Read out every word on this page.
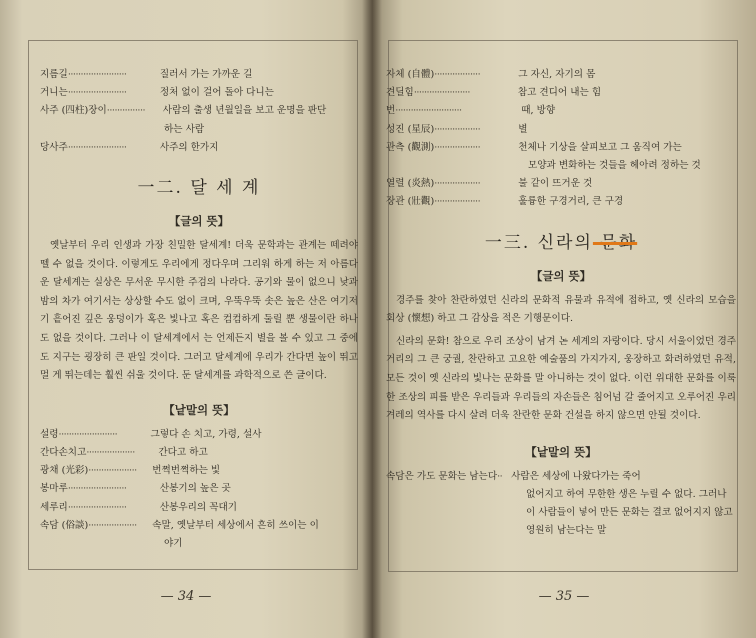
지름길 ·······················	질러서 가는 가까운 길
거니는 ·······················	정처 없이 걸어 돌아 다니는
사주 (四柱)장이 ···············	사람의 출생 년월일을 보고 운명을 판단
하는 사람
당사주 ·······················	사주의 한가지
一二. 달 세 계
【글의 뜻】

옛날부터 우리 인생과 가장 친밀한 달세계! 더욱 문학과는 관계는 떼려야 뗄 수 없을 것이다. 이렇게도 우리에게 정다우며 그리워 하게 하는 저 아름다운 달세계는 실상은 무서운 무시한 주검의 나라다. 공기와 물이 없으니 낮과 밤의 차가 여기서는 상상할 수도 없이 크며, 우뚝우뚝 솟은 높은 산은 여기저기 흩어진 깊은 웅덩이가 혹은 빛나고 혹은 컴컴하게 둘릴 뿐 생물이란 하나도 없을 것이다. 그러나 이 달세계에서 는 언제든지 별을 볼 수 있고 그 중에도 지구는 굉장히 큰 판일 것이다. 그러고 달세계에 우리가 간다면 높이 뛰고 멀 게 뛰는데는 훨씬 쉬울 것이다. 둔 달세계를 과학적으로 쓴 글이다.

【낱말의 뜻】
설령 ·······················	그렇다 손 치고, 가령, 설사
간다손치고 ···················	간다고 하고
광채 (光彩) ···················	번쩍번쩍하는 빛
봉마루 ·······················	산봉기의 높은 곳
세루리 ·······················	산봉우리의 꼭대기
속담 (俗談) ···················	속말, 옛날부터 세상에서 흔히 쓰이는 이
야기
— 34 —
자체 (自體) ··················	그 자신, 자기의 몸
견딜힘 ······················	참고 견디어 내는 힘
번 ··························	때, 방향
성진 (星辰) ··················	별
관측 (觀測) ··················	천체나 기상을 살피보고 그 움직여 가는
모양과 변화하는 것들을 헤아려 정하는 것
열렬 (炎熱) ··················	불 같이 뜨거운 것
장관 (壯觀) ··················	훌륭한 구경거리, 큰 구경
一三. 신라의 문화
【글의 뜻】

경주를 찾아 찬란하였던 신라의 문화적 유물과 유적에 접하고, 옛 신라의 모습을 회상 (懷想) 하고 그 감상을 적은 기행문이다.

신라의 문화! 참으로 우리 조상이 남겨 논 세계의 자랑이다. 당시 서울이었던 경주 거리의 그 큰 궁궐, 찬란하고 고요한 예술품의 가지가지, 웅장하고 화려하였던 유적, 모든 것이 옛 신라의 빛나는 문화를 말 아니하는 것이 없다. 이런 위대한 문화를 이룩한 조상의 피를 받은 우리들과 우리들의 자손들은 침어넘 갈 줄어지고 오루어진 우리 겨레의 역사를 다시 살려 더욱 찬란한 문화 건설을 하지 않으면 안될 것이다.

【낱말의 뜻】
속담은 가도 문화는 남는다 ·· 사람은 세상에 나왔다가는 죽어
없어지고 하여 무한한 생은 누릴 수 없다. 그러나 이 사람들이 넣어 만든 문화는 결코 없어지지 않고 영원히 남는다는 말
— 35 —
